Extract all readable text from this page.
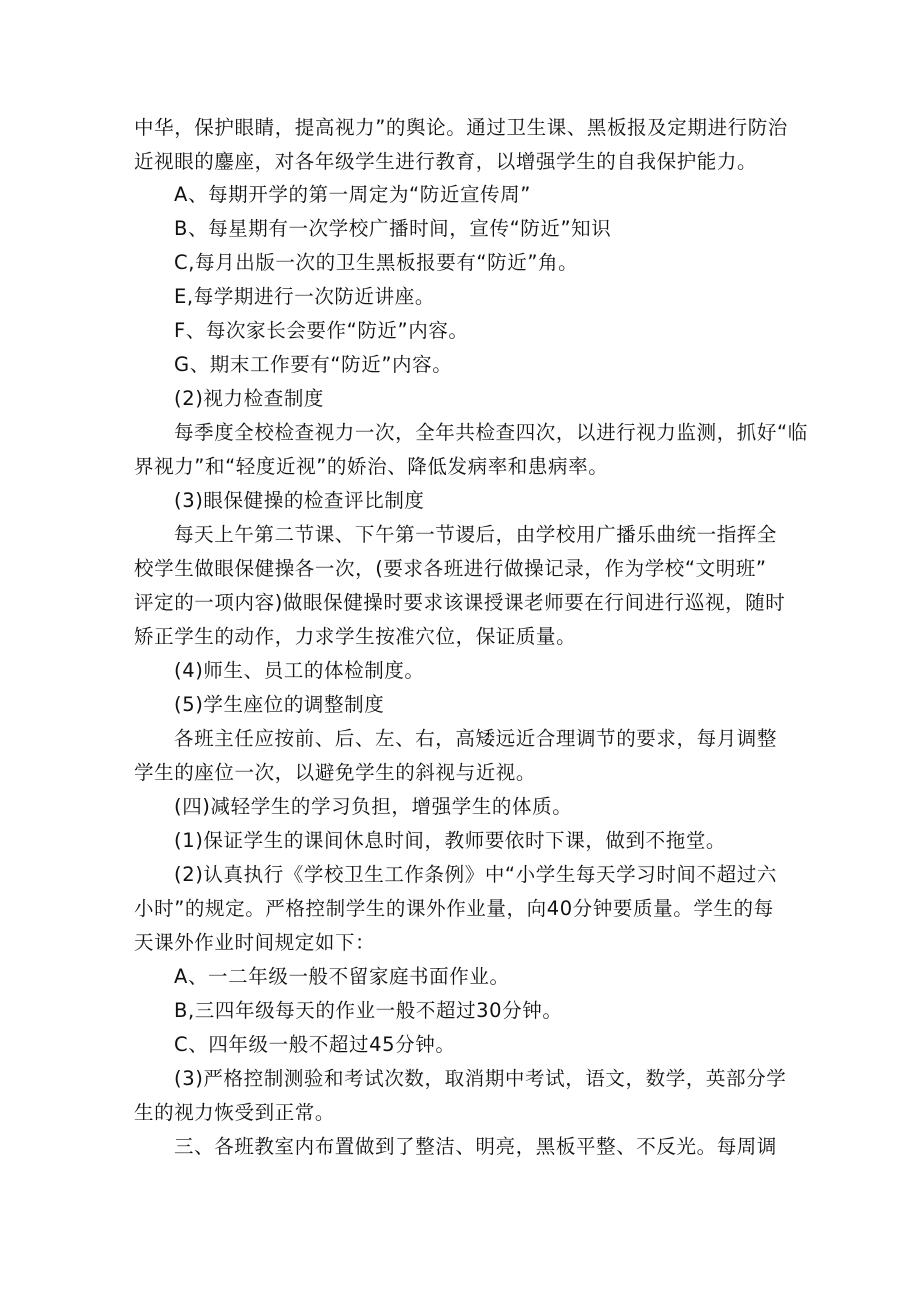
中华，保护眼睛，提高视力”的舆论。通过卫生课、黑板报及定期进行防治
近视眼的鏖座，对各年级学生进行教育，以增强学生的自我保护能力。
A、每期开学的第一周定为“防近宣传周”
B、每星期有一次学校广播时间，宣传“防近”知识
C,每月出版一次的卫生黑板报要有“防近”角。
E,每学期进行一次防近讲座。
F、每次家长会要作“防近”内容。
G、期末工作要有“防近”内容。
(2)视力检查制度
每季度全校检查视力一次，全年共检查四次，以进行视力监测，抓好“临
界视力”和“轻度近视”的娇治、降低发病率和患病率。
(3)眼保健操的检查评比制度
每天上午第二节课、下午第一节谡后，由学校用广播乐曲统一指挥全
校学生做眼保健操各一次，(要求各班进行做操记录，作为学校“文明班”
评定的一项内容)做眼保健操时要求该课授课老师要在行间进行巡视，随时
矫正学生的动作，力求学生按准穴位，保证质量。
(4)师生、员工的体检制度。
(5)学生座位的调整制度
各班主任应按前、后、左、右，高矮远近合理调节的要求，每月调整
学生的座位一次，以避免学生的斜视与近视。
(四)减轻学生的学习负担，增强学生的体质。
(1)保证学生的课间休息时间，教师要依时下课，做到不拖堂。
(2)认真执行《学校卫生工作条例》中“小学生每天学习时间不超过六
小时”的规定。严格控制学生的课外作业量，向40分钟要质量。学生的每
天课外作业时间规定如下：
A、一二年级一般不留家庭书面作业。
B,三四年级每天的作业一般不超过30分钟。
C、四年级一般不超过45分钟。
(3)严格控制测验和考试次数，取消期中考试，语文，数学，英部分学
生的视力恢受到正常。
三、各班教室内布置做到了整洁、明亮，黑板平整、不反光。每周调
